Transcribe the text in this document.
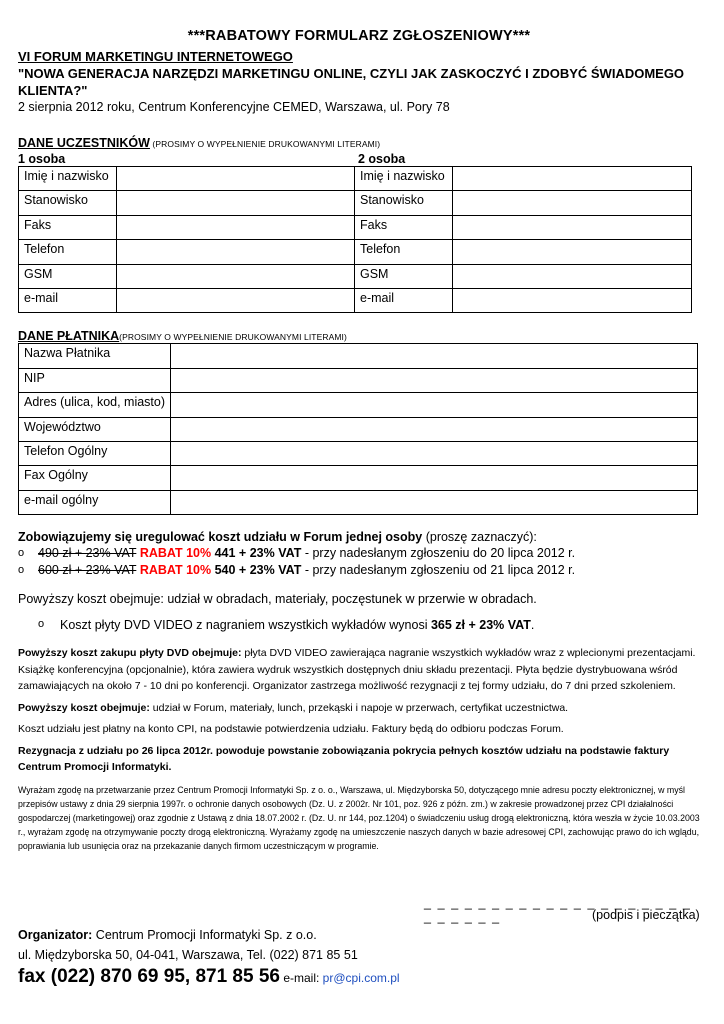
***RABATOWY FORMULARZ ZGŁOSZENIOWY***
VI FORUM MARKETINGU INTERNETOWEGO
"NOWA GENERACJA NARZĘDZI MARKETINGU ONLINE, CZYLI JAK ZASKOCZYĆ I ZDOBYĆ ŚWIADOMEGO KLIENTA?"
2 sierpnia 2012 roku, Centrum Konferencyjne CEMED, Warszawa, ul. Pory 78
DANE UCZESTNIKÓW (PROSIMY O WYPEŁNIENIE DRUKOWANYMI LITERAMI)
1 osoba	2 osoba
Imię i nazwisko		Imię i nazwisko	
Stanowisko		Stanowisko	
Faks		Faks	
Telefon		Telefon	
GSM		GSM	
e-mail		e-mail	
DANE PŁATNIKA(PROSIMY O WYPEŁNIENIE DRUKOWANYMI LITERAMI)
Nazwa Płatnika	
NIP	
Adres (ulica, kod, miasto)	
Województwo	
Telefon Ogólny	
Fax Ogólny	
e-mail ogólny	
Zobowiązujemy się uregulować koszt udziału w Forum jednej osoby (proszę zaznaczyć):
o 490 zł + 23% VAT RABAT 10% 441 + 23% VAT - przy nadesłanym zgłoszeniu do 20 lipca 2012 r.
o 600 zł + 23% VAT RABAT 10% 540 + 23% VAT - przy nadesłanym zgłoszeniu od 21 lipca 2012 r.
Powyższy koszt obejmuje: udział w obradach, materiały, poczęstunek w przerwie w obradach.
o Koszt płyty DVD VIDEO z nagraniem wszystkich wykładów wynosi 365 zł + 23% VAT.
Powyższy koszt zakupu płyty DVD obejmuje: płyta DVD VIDEO zawierająca nagranie wszystkich wykładów wraz z wplecionymi prezentacjami. Książkę konferencyjna (opcjonalnie), która zawiera wydruk wszystkich dostępnych dniu składu prezentacji. Płyta będzie dystrybuowana wśród zamawiających na około 7 - 10 dni po konferencji. Organizator zastrzega możliwość rezygnacji z tej formy udziału, do 7 dni przed szkoleniem.
Powyższy koszt obejmuje: udział w Forum, materiały, lunch, przekąski i napoje w przerwach, certyfikat uczestnictwa.
Koszt udziału jest płatny na konto CPI, na podstawie potwierdzenia udziału. Faktury będą do odbioru podczas Forum.
Rezygnacja z udziału po 26 lipca 2012r. powoduje powstanie zobowiązania pokrycia pełnych kosztów udziału na podstawie faktury Centrum Promocji Informatyki.
Wyrażam zgodę na przetwarzanie przez Centrum Promocji Informatyki Sp. z o. o., Warszawa, ul. Międzyborska 50, dotyczącego mnie adresu poczty elektronicznej, w myśl przepisów ustawy z dnia 29 sierpnia 1997r. o ochronie danych osobowych (Dz. U. z 2002r. Nr 101, poz. 926 z późn. zm.) w zakresie prowadzonej przez CPI działalności gospodarczej (marketingowej) oraz zgodnie z Ustawą z dnia 18.07.2002 r. (Dz. U. nr 144, poz.1204) o świadczeniu usług drogą elektroniczną, która weszła w życie 10.03.2003 r., wyrażam zgodę na otrzymywanie poczty drogą elektroniczną. Wyrażamy zgodę na umieszczenie naszych danych w bazie adresowej CPI, zachowując prawo do ich wglądu, poprawiania lub usunięcia oraz na przekazanie danych firmom uczestniczącym w programie.
_ _ _ _ _ _ _ _ _ _ _ _ _ _ _ _ _ _ _ _ _ _ _ _ _ _	(podpis i pieczątka)
Organizator: Centrum Promocji Informatyki Sp. z o.o.
ul. Międzyborska 50, 04-041, Warszawa, Tel. (022) 871 85 51
fax (022) 870 69 95, 871 85 56 e-mail: pr@cpi.com.pl
